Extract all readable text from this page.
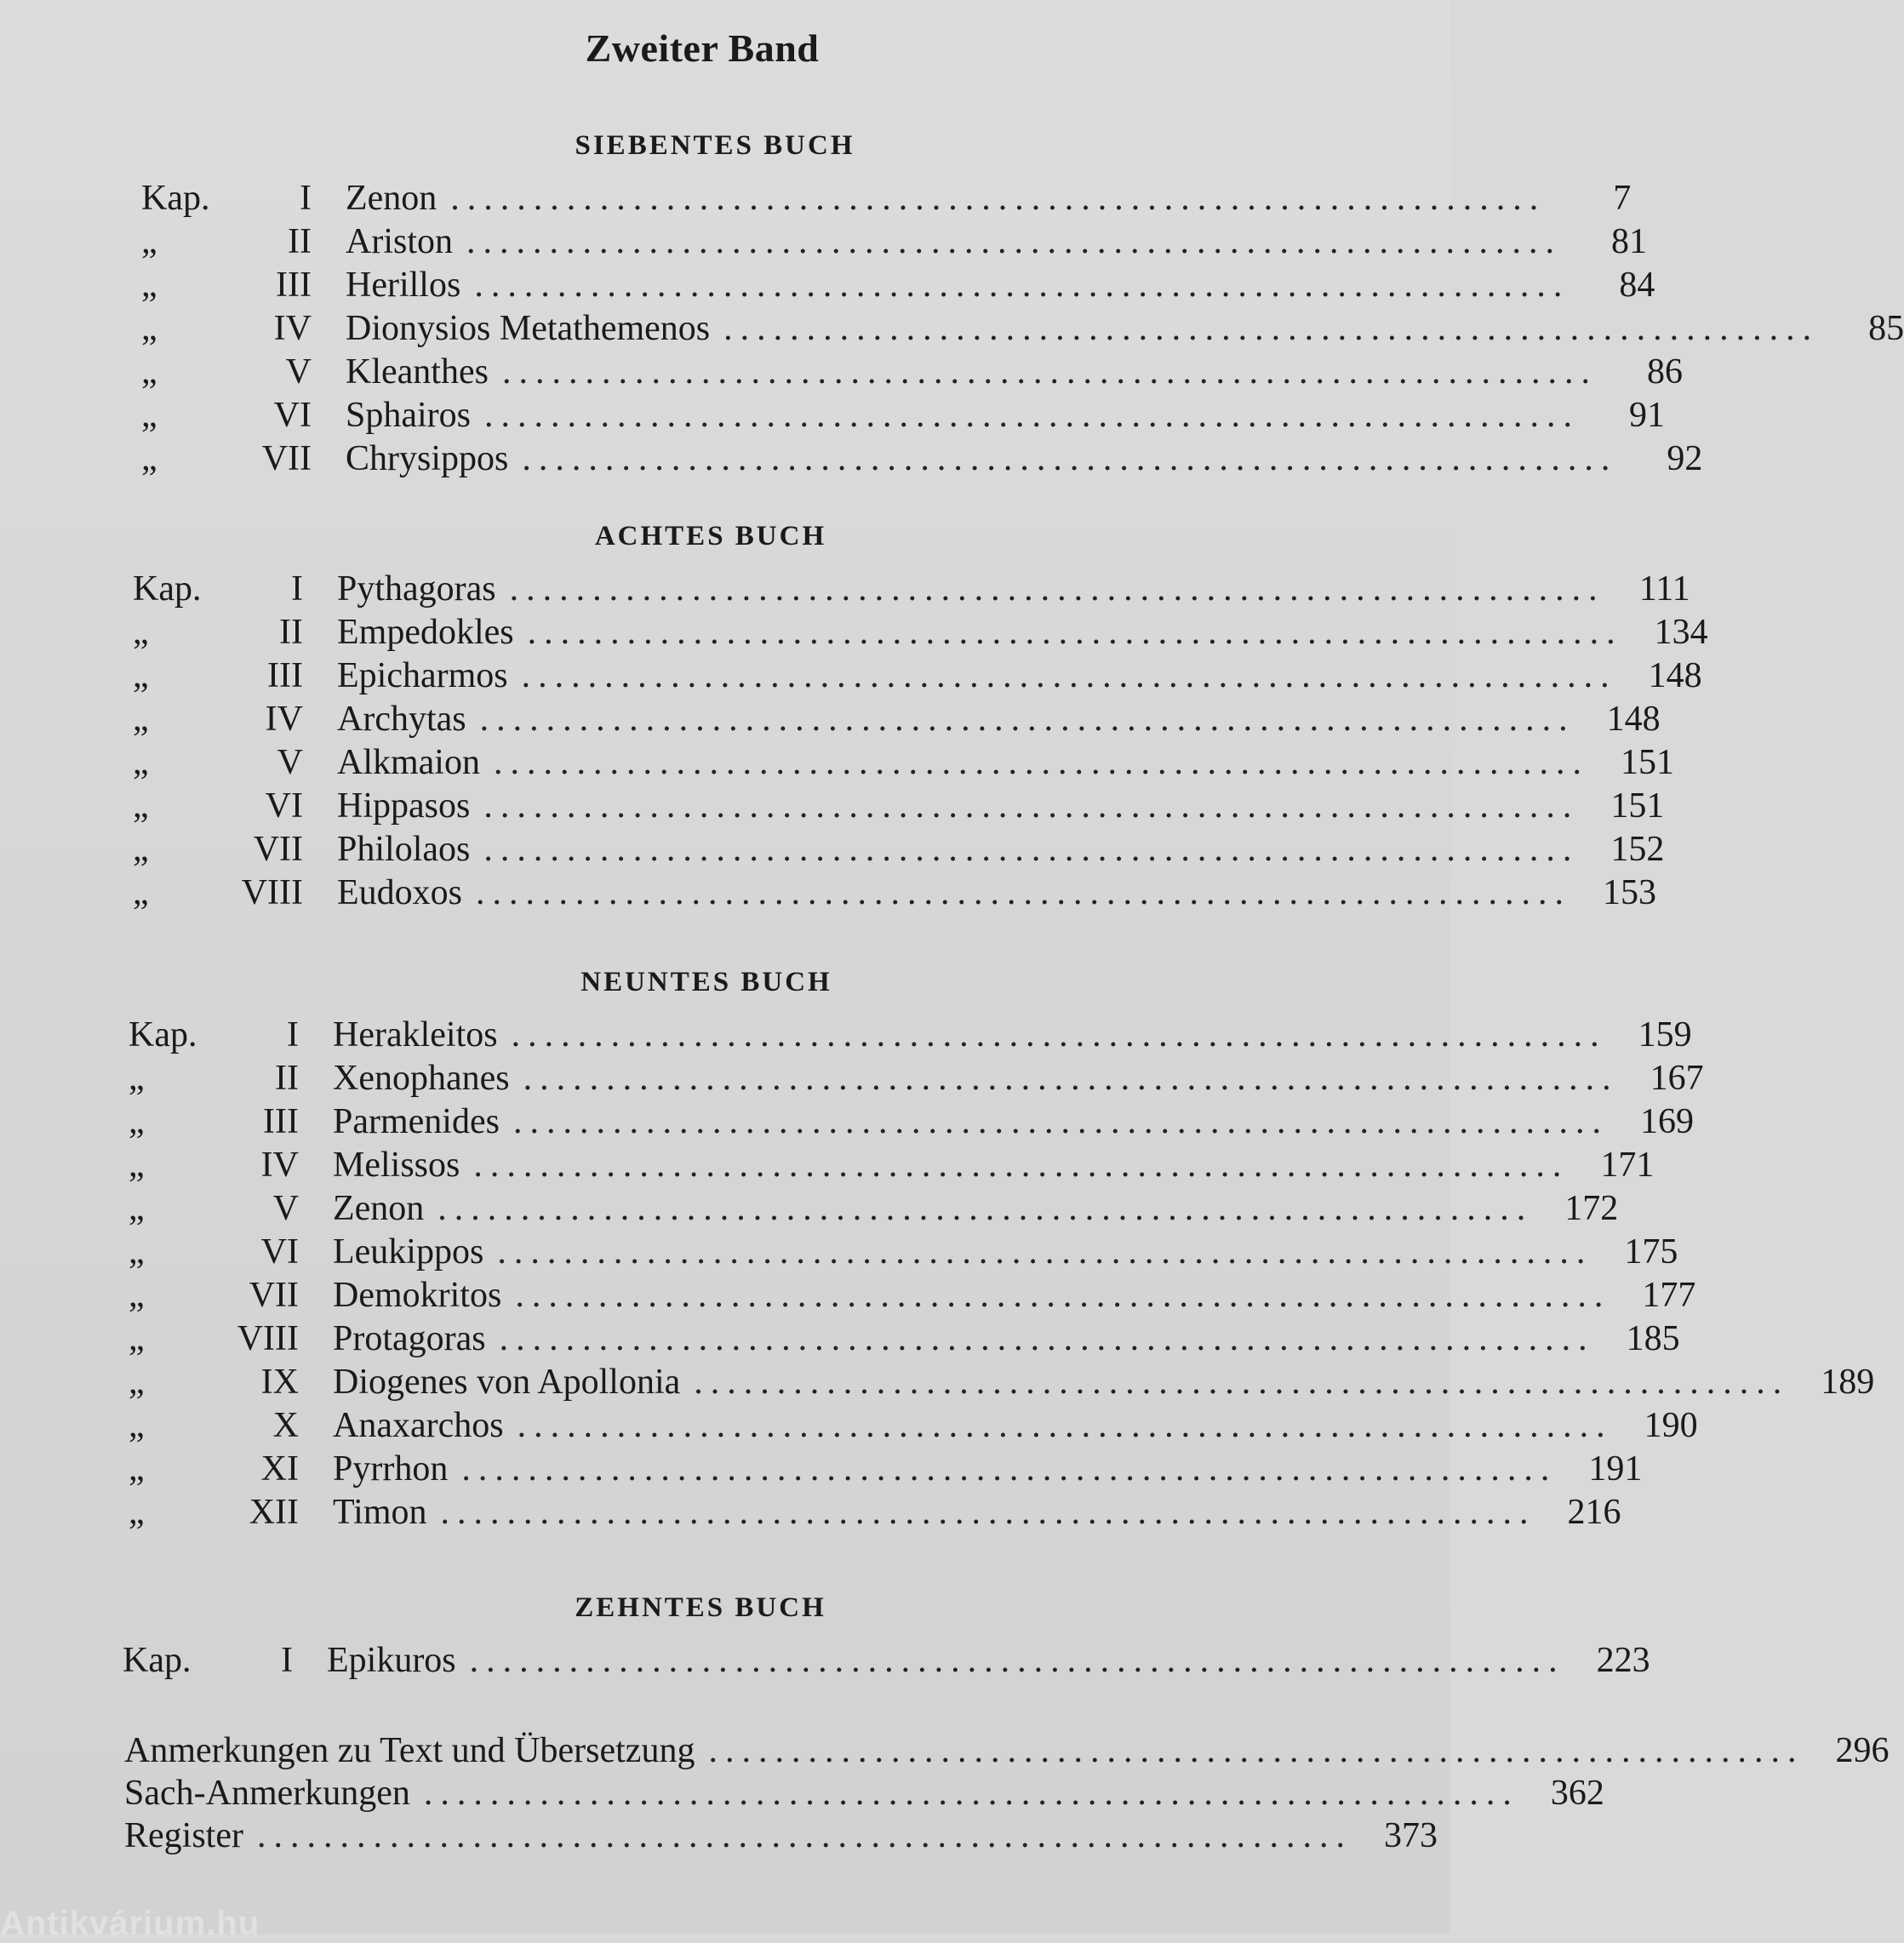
Zweiter Band
SIEBENTES BUCH
Kap.	I Zenon ..................................................................	7
„	II Ariston ..................................................................	81
„	III Herillos ..................................................................	84
„	IV Dionysios Metathemenos ..................................................................	85
„	V Kleanthes ..................................................................	86
„	VI Sphairos ..................................................................	91
„	VII Chrysippos ..................................................................	92
ACHTES BUCH
Kap.	I Pythagoras .................................................................. 111
„	II Empedokles .................................................................. 134
„	III Epicharmos .................................................................. 148
„	IV Archytas .................................................................. 148
„	V Alkmaion .................................................................. 151
„	VI Hippasos .................................................................. 151
„	VII Philolaos .................................................................. 152
„	VIII Eudoxos .................................................................. 153
NEUNTES BUCH
Kap.	I Herakleitos .................................................................. 159
„	II Xenophanes .................................................................. 167
„	III Parmenides .................................................................. 169
„	IV Melissos .................................................................. 171
„	V Zenon .................................................................. 172
„	VI Leukippos .................................................................. 175
„	VII Demokritos .................................................................. 177
„	VIII Protagoras .................................................................. 185
„	IX Diogenes von Apollonia .................................................................. 189
„	X Anaxarchos .................................................................. 190
„	XI Pyrrhon .................................................................. 191
„	XII Timon .................................................................. 216
ZEHNTES BUCH
Kap.	I Epikuros .................................................................. 223
Anmerkungen zu Text und Übersetzung .................................................................. 296
Sach-Anmerkungen .................................................................. 362
Register .................................................................. 373
Antikvárium.hu
